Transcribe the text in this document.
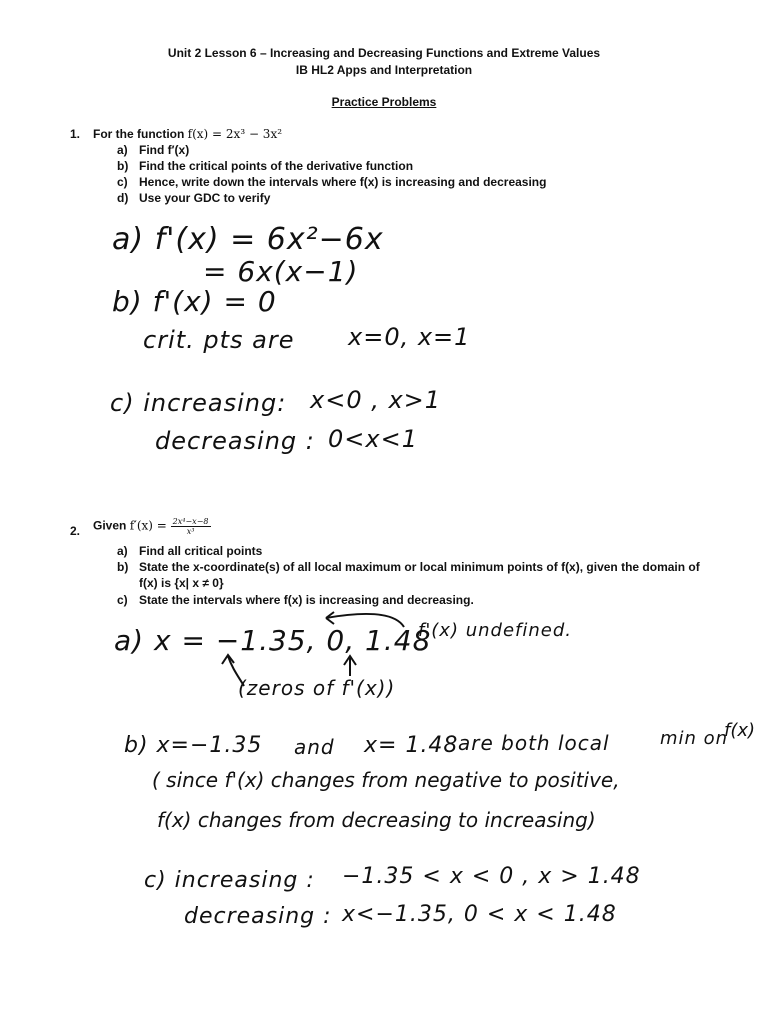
Unit 2 Lesson 6 – Increasing and Decreasing Functions and Extreme Values
IB HL2 Apps and Interpretation
Practice Problems
1. For the function f(x) = 2x³ − 3x²
a) Find f′(x)
b) Find the critical points of the derivative function
c) Hence, write down the intervals where f(x) is increasing and decreasing
d) Use your GDC to verify
a) f'(x) = 6x²−6x
= 6x(x−1)
b) f'(x) = 0
crit. pts are x=0, x=1
c) increasing: x<0 , x>1
decreasing : 0<x<1
2. Given $f'(x) = \frac{\text{2x⁴−x−8}}{\text{x³}}$
a) Find all critical points
b) State the x-coordinate(s) of all local maximum or local minimum points of f(x), given the domain of
f(x) is {x| x ≠ 0}
c) State the intervals where f(x) is increasing and decreasing.
a) x = −1.35, 0, 1.48
f'(x) undefined.
(zeros of f'(x))
b) x=−1.35 and x= 1.48 are both local	min on
f(x)
( since f'(x) changes from negative to positive,
f(x) changes from decreasing to increasing)
c) increasing : −1.35 < x < 0 , x > 1.48
decreasing : x<−1.35, 0 < x < 1.48
